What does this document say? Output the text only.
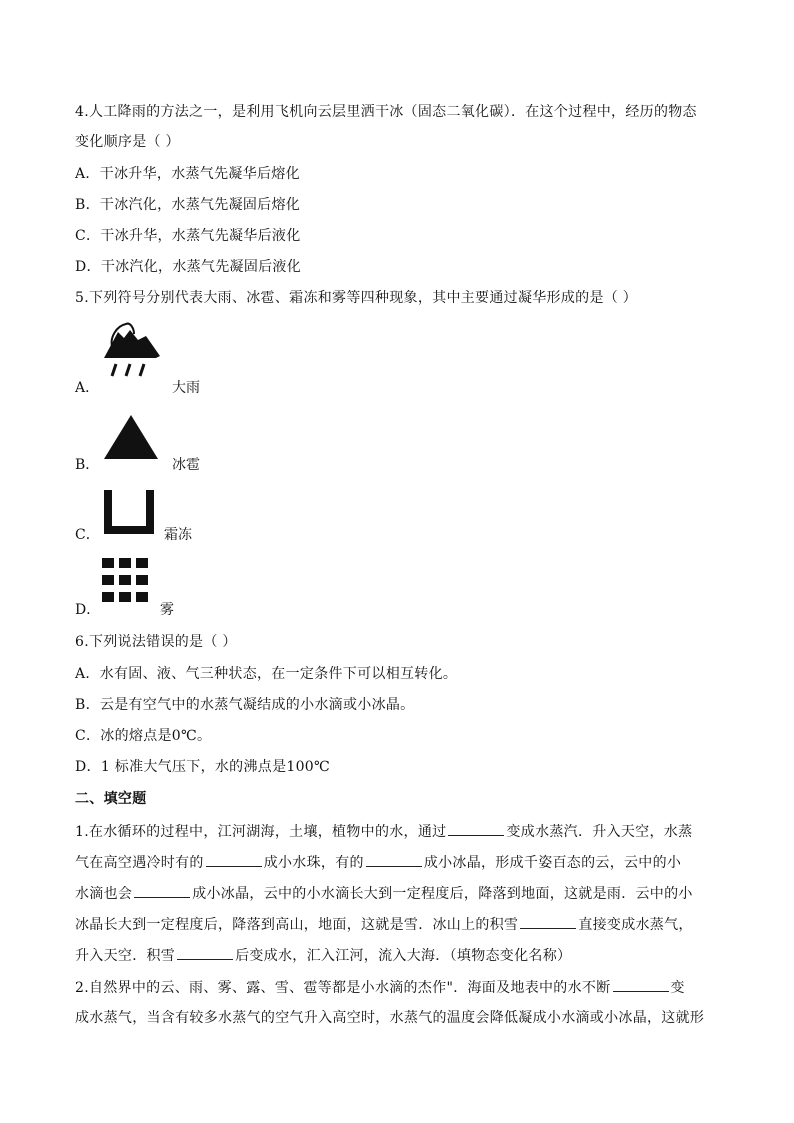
4.人工降雨的方法之一，是利用飞机向云层里洒干冰（固态二氧化碳）．在这个过程中，经历的物态
变化顺序是（ ）
A．干冰升华，水蒸气先凝华后熔化
B．干冰汽化，水蒸气先凝固后熔化
C．干冰升华，水蒸气先凝华后液化
D．干冰汽化，水蒸气先凝固后液化
5.下列符号分别代表大雨、冰雹、霜冻和雾等四种现象，其中主要通过凝华形成的是（ ）
A．	大雨
B．	冰雹
C．	霜冻
D．	雾
6.下列说法错误的是（ ）
A．水有固、液、气三种状态，在一定条件下可以相互转化。
B．云是有空气中的水蒸气凝结成的小水滴或小冰晶。
C．冰的熔点是0℃。
D．1 标准大气压下，水的沸点是100℃
二、填空题
1.在水循环的过程中，江河湖海，土壤，植物中的水，通过	变成水蒸汽．升入天空，水蒸
气在高空遇冷时有的	成小水珠，有的	成小冰晶，形成千姿百态的云，云中的小
水滴也会	成小冰晶，云中的小水滴长大到一定程度后，降落到地面，这就是雨．云中的小
冰晶长大到一定程度后，降落到高山，地面，这就是雪．冰山上的积雪	直接变成水蒸气，
升入天空．积雪	后变成水，汇入江河，流入大海．（填物态变化名称）
2.自然界中的云、雨、雾、露、雪、雹等都是小水滴的杰作"．海面及地表中的水不断	变
成水蒸气，当含有较多水蒸气的空气升入高空时，水蒸气的温度会降低凝成小水滴或小冰晶，这就形
